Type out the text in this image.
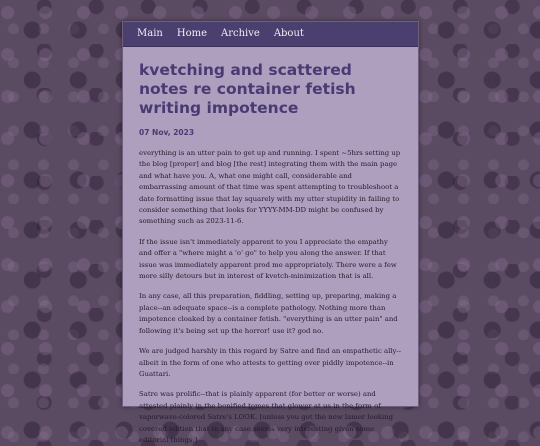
Main Home Archive About
kvetching and scattered notes re container fetish writing impotence
07 Nov, 2023

everything is an utter pain to get up and running. I spent ~5hrs setting up the blog [proper] and blog [the rest] integrating them with the main page and what have you. A, what one might call, considerable and embarrassing amount of that time was spent attempting to troubleshoot a date formatting issue that lay squarely with my utter stupidity in failing to consider something that looks for YYYY-MM-DD might be confused by something such as 2023-11-6.

If the issue isn't immediately apparent to you I appreciate the empathy and offer a "where might a 'o' go" to help you along the answer. If that issue was immediately apparent prod me appropriately. There were a few more silly detours but in interest of kvetch-minimization that is all.

In any case, all this preparation, fiddling, setting up, preparing, making a place--an adequate space--is a complete pathology. Nothing more than impotence cloaked by a container fetish. "everything is an utter pain" and following it's being set up the horror! use it? god no.

We are judged harshly in this regard by Satre and find an empathetic ally--albeit in the form of one who attests to getting over piddly impotence--in Guattari.

Satre was prolific--that is plainly apparent (for better or worse) and attested plainly in the bonified tomes that glower at us in the form of vaporwave-colored Satre's LOOK. [unless you got the new lamer looking covered edition that in any case seems very interesting given some editorial things.]
